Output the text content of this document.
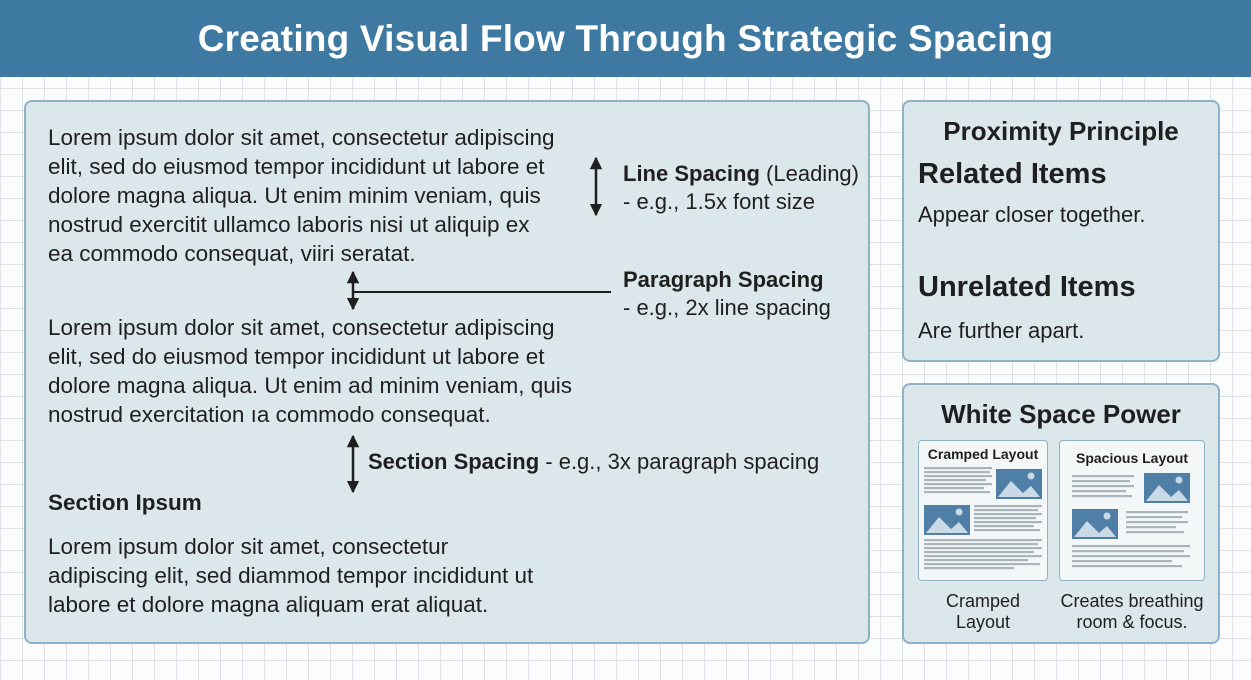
Creating Visual Flow Through Strategic Spacing
Lorem ipsum dolor sit amet, consectetur adipiscing
elit, sed do eiusmod tempor incididunt ut labore et
dolore magna aliqua. Ut enim minim veniam, quis
nostrud exercitit ullamco laboris nisi ut aliquip ex
ea commodo consequat, viiri seratat.
Lorem ipsum dolor sit amet, consectetur adipiscing
elit, sed do eiusmod tempor incididunt ut labore et
dolore magna aliqua. Ut enim ad minim veniam, quis
nostrud exercitation ıa commodo consequat.
Section Ipsum
Lorem ipsum dolor sit amet, consectetur
adipiscing elit, sed diammod tempor incididunt ut
labore et dolore magna aliquam erat aliquat.
Line Spacing (Leading)
- e.g., 1.5x font size
Paragraph Spacing
- e.g., 2x line spacing
Section Spacing - e.g., 3x paragraph spacing
Proximity Principle
Related Items
Appear closer together.
Unrelated Items
Are further apart.
White Space Power
Cramped Layout	Spacious Layout
Cramped
Layout
Creates breathing
room & focus.
